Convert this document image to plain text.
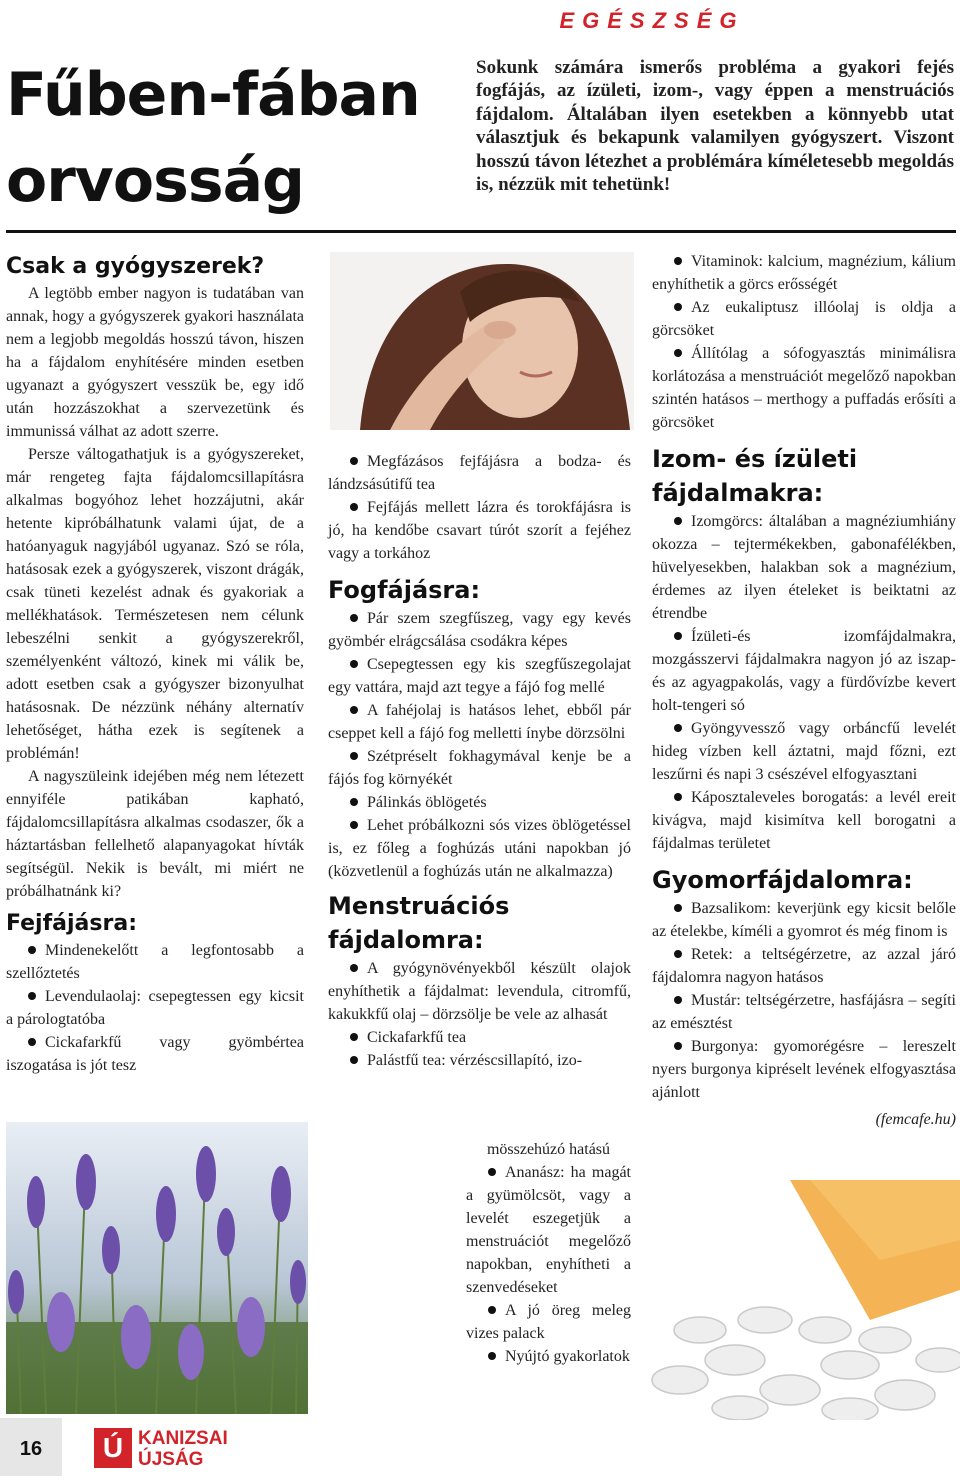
EGÉSZSÉG
Fűben-fában
orvosság
Sokunk számára ismerős probléma a gyakori fejés fogfájás, az ízületi, izom-, vagy éppen a menstruációs fájdalom. Általában ilyen esetekben a könnyebb utat választjuk és bekapunk valamilyen gyógyszert. Viszont hosszú távon létezhet a problémára kíméletesebb megoldás is, nézzük mit tehetünk!
Csak a gyógyszerek?

A legtöbb ember nagyon is tudatában van annak, hogy a gyógyszerek gyakori használata nem a legjobb megoldás hosszú távon, hiszen ha a fájdalom enyhítésére minden esetben ugyanazt a gyógyszert vesszük be, egy idő után hozzászokhat a szervezetünk és immunissá válhat az adott szerre.

Persze váltogathatjuk is a gyógyszereket, már rengeteg fajta fájdalomcsillapításra alkalmas bogyóhoz lehet hozzájutni, akár hetente kipróbálhatunk valami újat, de a hatóanyaguk nagyjából ugyanaz. Szó se róla, hatásosak ezek a gyógyszerek, viszont drágák, csak tüneti kezelést adnak és gyakoriak a mellékhatások. Természetesen nem célunk lebeszélni senkit a gyógyszerekről, személyenként változó, kinek mi válik be, adott esetben csak a gyógyszer bizonyulhat hatásosnak. De nézzünk néhány alternatív lehetőséget, hátha ezek is segítenek a problémán!

A nagyszüleink idejében még nem létezett ennyiféle patikában kapható, fájdalomcsillapításra alkalmas csodaszer, ők a háztartásban fellelhető alapanyagokat hívták segítségül. Nekik is bevált, mi miért ne próbálhatnánk ki?

Fejfájásra:
Mindenekelőtt a legfontosabb a szellőztetés
Levendulaolaj: csepegtessen egy kicsit a párologtatóba
Cickafarkfű vagy gyömbértea iszogatása is jót tesz
Megfázásos fejfájásra a bodza- és lándzsásútifű tea
Fejfájás mellett lázra és torokfájásra is jó, ha kendőbe csavart túrót szorít a fejéhez vagy a torkához
Fogfájásra:
Pár szem szegfűszeg, vagy egy kevés gyömbér elrágcsálása csodákra képes
Csepegtessen egy kis szegfűszegolajat egy vattára, majd azt tegye a fájó fog mellé
A fahéjolaj is hatásos lehet, ebből pár cseppet kell a fájó fog melletti ínybe dörzsölni
Szétpréselt fokhagymával kenje be a fájós fog környékét
Pálinkás öblögetés
Lehet próbálkozni sós vizes öblögetéssel is, ez főleg a foghúzás utáni napokban jó (közvetlenül a foghúzás után ne alkalmazza)
Menstruációs fájdalomra:
A gyógynövényekből készült olajok enyhíthetik a fájdalmat: levendula, citromfű, kakukkfű olaj – dörzsölje be vele az alhasát
Cickafarkfű tea
Palástfű tea: vérzéscsillapító, izo-
mösszehúzó hatású
Ananász: ha magát a gyümölcsöt, vagy a levelét eszegetjük a menstruációt megelőző napokban, enyhítheti a szenvedéseket
A jó öreg meleg vizes palack
Nyújtó gyakorlatok
Vitaminok: kalcium, magnézium, kálium enyhíthetik a görcs erősségét
Az eukaliptusz illóolaj is oldja a görcsöket
Állítólag a sófogyasztás minimálisra korlátozása a menstruációt megelőző napokban szintén hatásos – merthogy a puffadás erősíti a görcsöket
Izom- és ízületi
fájdalmakra:
Izomgörcs: általában a magnéziumhiány okozza – tejtermékekben, gabonafélékben, hüvelyesekben, halakban sok a magnézium, érdemes az ilyen ételeket is beiktatni az étrendbe
Ízületi-és izomfájdalmakra, mozgásszervi fájdalmakra nagyon jó az iszap- és az agyagpakolás, vagy a fürdővízbe kevert holt-tengeri só
Gyöngyvessző vagy orbáncfű levelét hideg vízben kell áztatni, majd főzni, ezt leszűrni és napi 3 csészével elfogyasztani
Káposztaleveles borogatás: a levél ereit kivágva, majd kisimítva kell borogatni a fájdalmas területet
Gyomorfájdalomra:
Bazsalikom: keverjünk egy kicsit belőle az ételekbe, kíméli a gyomrot és még finom is
Retek: a teltségérzetre, az azzal járó fájdalomra nagyon hatásos
Mustár: teltségérzetre, hasfájásra – segíti az emésztést
Burgonya: gyomorégésre – lereszelt nyers burgonya kipréselt levének elfogyasztása ajánlott
(femcafe.hu)
16	Ú KANIZSAI
ÚJSÁG
